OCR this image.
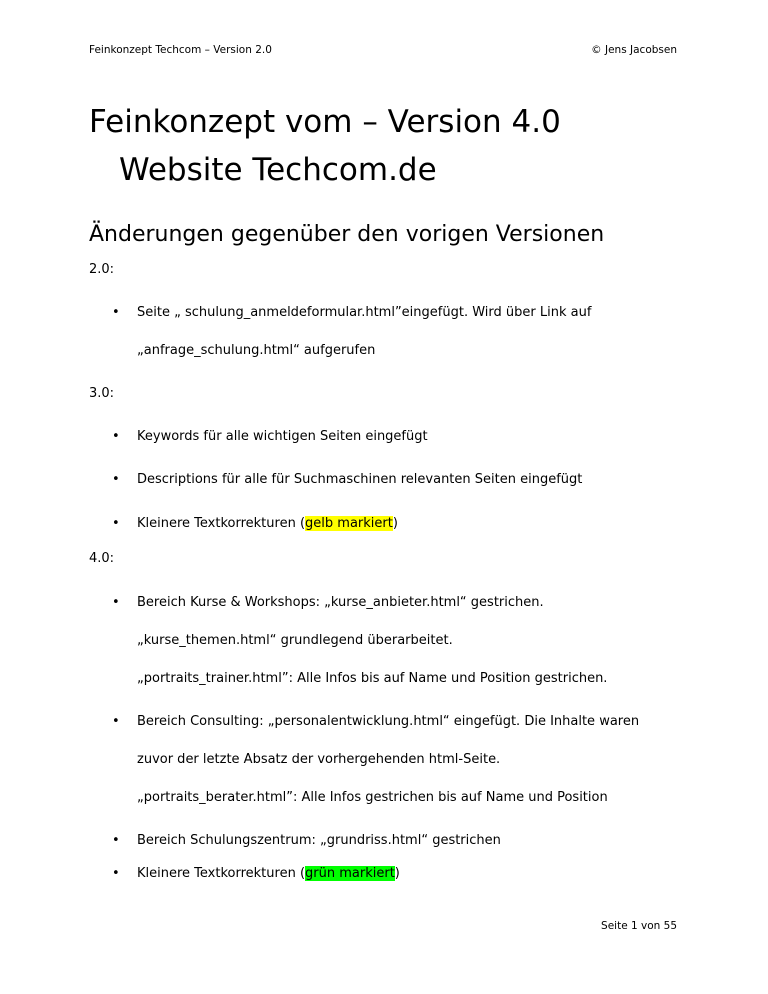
Feinkonzept Techcom – Version 2.0	© Jens Jacobsen
Feinkonzept vom – Version 4.0
Website Techcom.de
Änderungen gegenüber den vorigen Versionen
2.0:
• Seite „ schulung_anmeldeformular.html”eingefügt. Wird über Link auf
„anfrage_schulung.html“ aufgerufen
3.0:
• Keywords für alle wichtigen Seiten eingefügt
• Descriptions für alle für Suchmaschinen relevanten Seiten eingefügt
• Kleinere Textkorrekturen (gelb markiert)
4.0:
• Bereich Kurse & Workshops: „kurse_anbieter.html“ gestrichen.
„kurse_themen.html“ grundlegend überarbeitet.
„portraits_trainer.html”: Alle Infos bis auf Name und Position gestrichen.
• Bereich Consulting: „personalentwicklung.html“ eingefügt. Die Inhalte waren
zuvor der letzte Absatz der vorhergehenden html-Seite.
„portraits_berater.html”: Alle Infos gestrichen bis auf Name und Position
• Bereich Schulungszentrum: „grundriss.html“ gestrichen
• Kleinere Textkorrekturen (grün markiert)
Seite 1 von 55
